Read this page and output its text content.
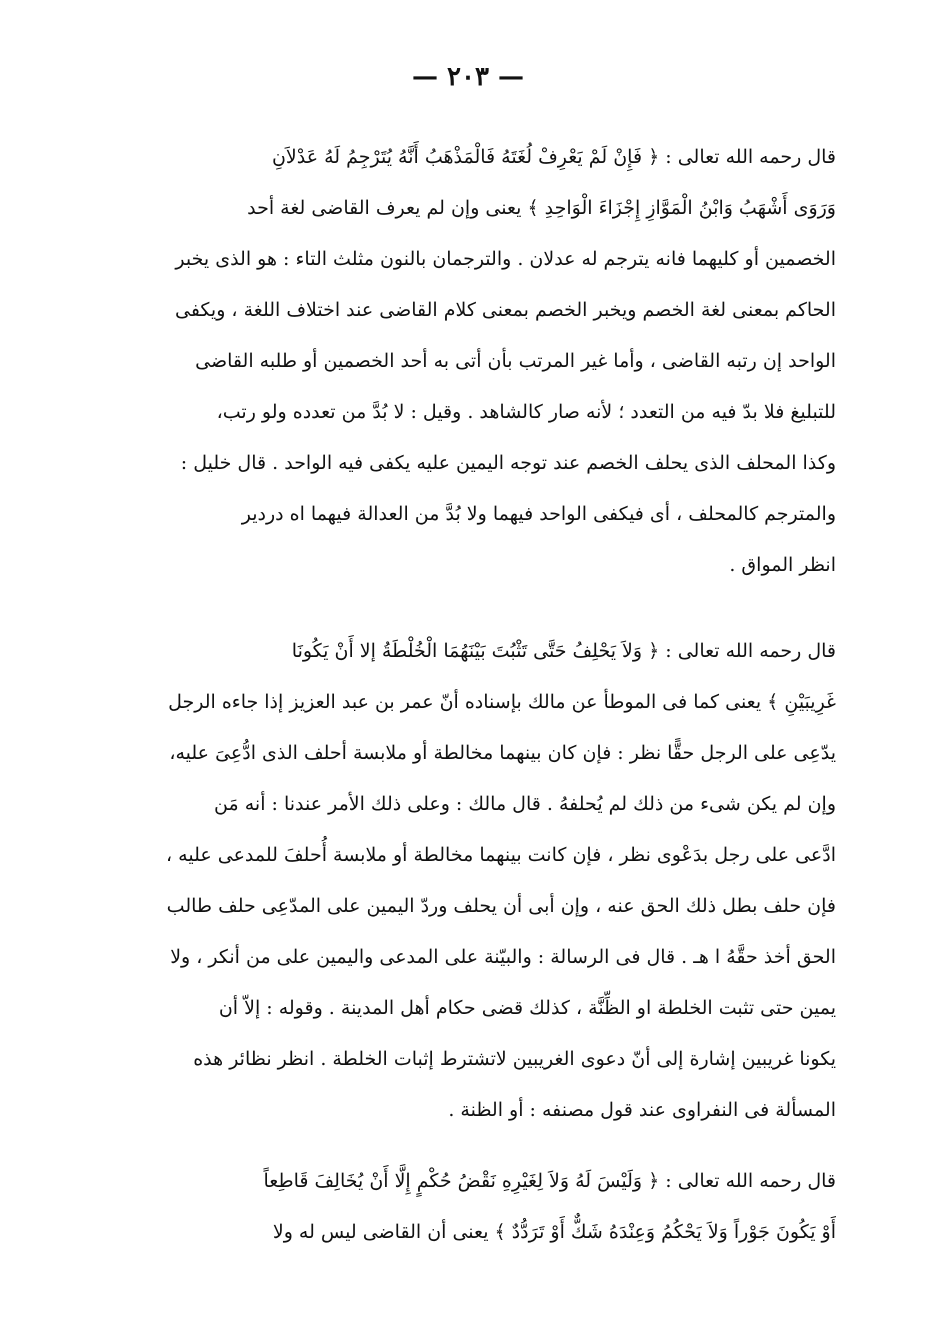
— ٢٠٣ —
قال رحمه الله تعالى : ﴿ فَإِنْ لَمْ يَعْرِفْ لُغَتَهُ فَالْمَذْهَبُ أَنَّهُ يُتَرْجِمُ لَهُ عَدْلاَنِ
وَرَوَى أَشْهَبُ وَابْنُ الْمَوَّازِ إِجْزَاءَ الْوَاحِدِ ﴾ يعنى وإن لم يعرف القاضى لغة أحد
الخصمين أو كليهما فانه يترجم له عدلان . والترجمان بالنون مثلث التاء : هو الذى يخبر
الحاكم بمعنى لغة الخصم ويخبر الخصم بمعنى كلام القاضى عند اختلاف اللغة ، ويكفى
الواحد إن رتبه القاضى ، وأما غير المرتب بأن أتى به أحد الخصمين أو طلبه القاضى
للتبليغ فلا بدّ فيه من التعدد ؛ لأنه صار كالشاهد . وقيل : لا بُدَّ من تعدده ولو رتب،
وكذا المحلف الذى يحلف الخصم عند توجه اليمين عليه يكفى فيه الواحد . قال خليل :
والمترجم كالمحلف ، أى فيكفى الواحد فيهما ولا بُدَّ من العدالة فيهما اه دردير
انظر المواق .
قال رحمه الله تعالى : ﴿ وَلاَ يَحْلِفُ حَتَّى تَثْبُتَ بَيْنَهُمَا الْخُلْطَةُ إلا أَنْ يَكُونَا
غَرِيبَيْنِ ﴾ يعنى كما فى الموطأ عن مالك بإسناده أنّ عمر بن عبد العزيز إذا جاءه الرجل
يدّعِى على الرجل حقًّا نظر : فإن كان بينهما مخالطة أو ملابسة أحلف الذى ادُّعِىَ عليه،
وإن لم يكن شىء من ذلك لم يُحلفهُ . قال مالك : وعلى ذلك الأمر عندنا : أنه مَن
ادَّعى على رجل بدَعْوى نظر ، فإن كانت بينهما مخالطة أو ملابسة أُحلفَ للمدعى عليه ،
فإن حلف بطل ذلك الحق عنه ، وإن أبى أن يحلف وردّ اليمين على المدّعِى حلف طالب
الحق أخذ حقَّهُ ا هـ . قال فى الرسالة : والبيّنة على المدعى واليمين على من أنكر ، ولا
يمين حتى تثبت الخلطة او الظِّنَّة ، كذلك قضى حكام أهل المدينة . وقوله : إلاّ أن
يكونا غريبين إشارة إلى أنّ دعوى الغريبين لاتشترط إثبات الخلطة . انظر نظائر هذه
المسألة فى النفراوى عند قول مصنفه : أو الظنة .
قال رحمه الله تعالى : ﴿ وَلَيْسَ لَهُ وَلاَ لِغَيْرِهِ نَقْضُ حُكْمٍ إِلَّا أَنْ يُخَالِفَ قَاطِعاً
أَوْ يَكُونَ جَوْراً وَلاَ يَحْكُمُ وَعِنْدَهُ شَكٌّ أَوْ تَرَدُّدٌ ﴾ يعنى أن القاضى ليس له ولا
